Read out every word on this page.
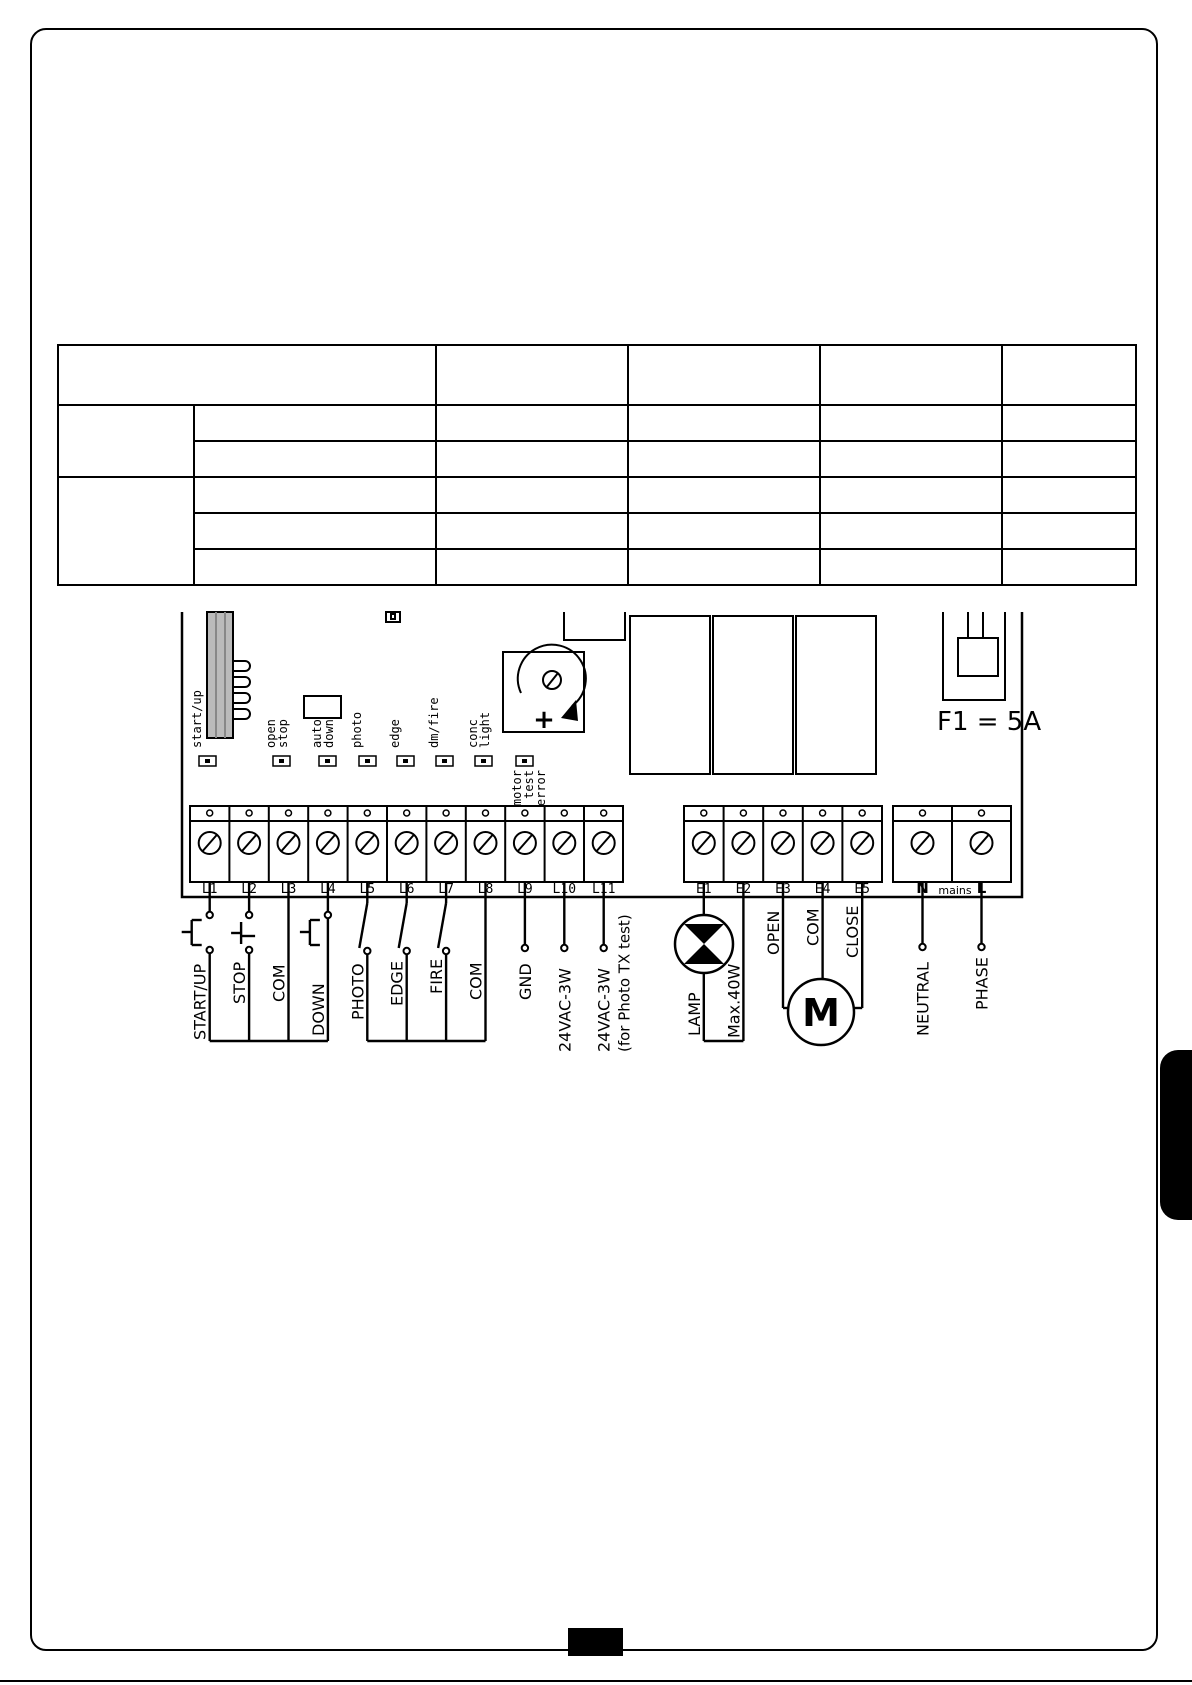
start/up	openstop autodown photo edge dm/fire conclight
motortesterror
L1 L2 L3 L4 L5 L6 L7 L8 L9 L10 L11	E1 E2 E3 E4 E5	N	L
M
F1 = 5A
+
mains
START/UP STOP COM
DOWN PHOTO EDGE FIRE COM GND 24VAC-3W 24VAC-3W (for Photo TX test)	LAMP Max.40W
OPEN COM CLOSE
NEUTRAL	PHASE
